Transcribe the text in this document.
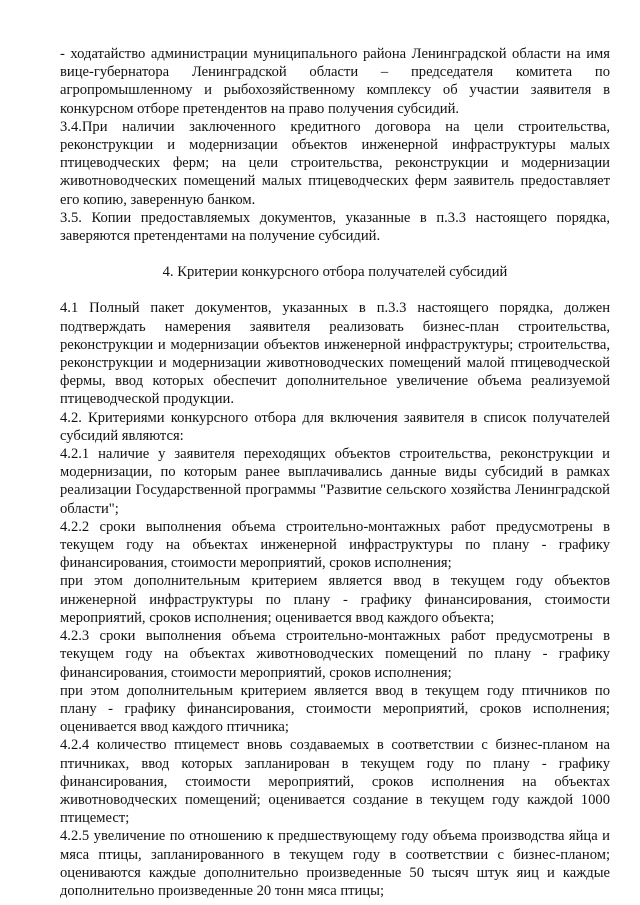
- ходатайство администрации муниципального района Ленинградской области на имя вице-губернатора Ленинградской области – председателя комитета по агропромышленному и рыбохозяйственному комплексу об участии заявителя в конкурсном отборе претендентов на право получения субсидий.

3.4.При наличии заключенного кредитного договора на цели строительства, реконструкции и модернизации объектов инженерной инфраструктуры малых птицеводческих ферм; на цели строительства, реконструкции и модернизации животноводческих помещений малых птицеводческих ферм заявитель предоставляет его копию, заверенную банком.

3.5. Копии предоставляемых документов, указанные в п.3.3 настоящего порядка, заверяются претендентами на получение субсидий.

4. Критерии конкурсного отбора получателей субсидий

4.1 Полный пакет документов, указанных в п.3.3 настоящего порядка, должен подтверждать намерения заявителя реализовать бизнес-план строительства, реконструкции и модернизации объектов инженерной инфраструктуры; строительства, реконструкции и модернизации животноводческих помещений малой птицеводческой фермы, ввод которых обеспечит дополнительное увеличение объема реализуемой птицеводческой продукции.

4.2. Критериями конкурсного отбора для включения заявителя в список получателей субсидий являются:

4.2.1 наличие у заявителя переходящих объектов строительства, реконструкции и модернизации, по которым ранее выплачивались данные виды субсидий в рамках реализации Государственной программы "Развитие сельского хозяйства Ленинградской области";

4.2.2 сроки выполнения объема строительно-монтажных работ предусмотрены в текущем году на объектах инженерной инфраструктуры по плану - графику финансирования, стоимости мероприятий, сроков исполнения;

при этом дополнительным критерием является ввод в текущем году объектов инженерной инфраструктуры по плану - графику финансирования, стоимости мероприятий, сроков исполнения; оценивается ввод каждого объекта;

4.2.3 сроки выполнения объема строительно-монтажных работ предусмотрены в текущем году на объектах животноводческих помещений по плану - графику финансирования, стоимости мероприятий, сроков исполнения;

при этом дополнительным критерием является ввод в текущем году птичников по плану - графику финансирования, стоимости мероприятий, сроков исполнения; оценивается ввод каждого птичника;

4.2.4 количество птицемест вновь создаваемых в соответствии с бизнес-планом на птичниках, ввод которых запланирован в текущем году по плану - графику финансирования, стоимости мероприятий, сроков исполнения на объектах животноводческих помещений; оценивается создание в текущем году каждой 1000 птицемест;

4.2.5 увеличение по отношению к предшествующему году объема производства яйца и мяса птицы, запланированного в текущем году в соответствии с бизнес-планом; оцениваются каждые дополнительно произведенные 50 тысяч штук яиц и каждые дополнительно произведенные 20 тонн мяса птицы;
